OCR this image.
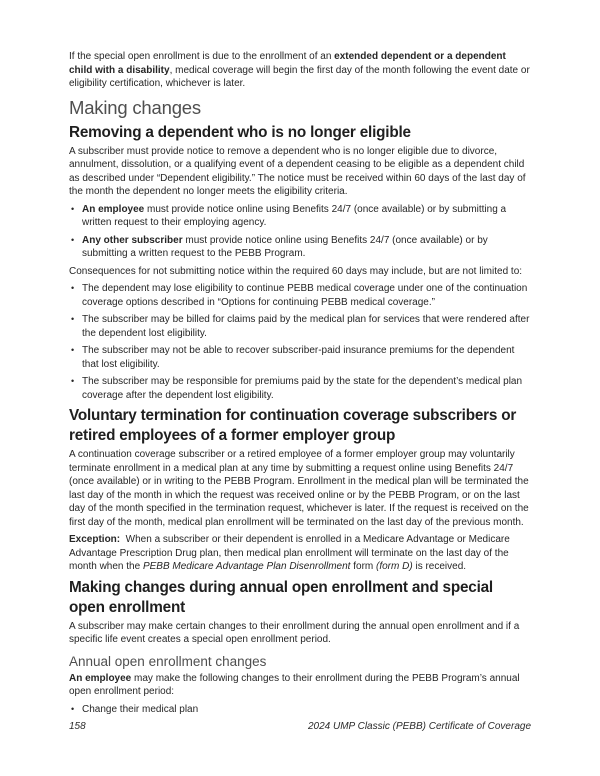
If the special open enrollment is due to the enrollment of an extended dependent or a dependent child with a disability, medical coverage will begin the first day of the month following the event date or eligibility certification, whichever is later.

Making changes
Removing a dependent who is no longer eligible

A subscriber must provide notice to remove a dependent who is no longer eligible due to divorce, annulment, dissolution, or a qualifying event of a dependent ceasing to be eligible as a dependent child as described under “Dependent eligibility.” The notice must be received within 60 days of the last day of the month the dependent no longer meets the eligibility criteria.

• An employee must provide notice online using Benefits 24/7 (once available) or by submitting a written request to their employing agency.
• Any other subscriber must provide notice online using Benefits 24/7 (once available) or by submitting a written request to the PEBB Program.

Consequences for not submitting notice within the required 60 days may include, but are not limited to:

• The dependent may lose eligibility to continue PEBB medical coverage under one of the continuation coverage options described in “Options for continuing PEBB medical coverage.”
• The subscriber may be billed for claims paid by the medical plan for services that were rendered after the dependent lost eligibility.
• The subscriber may not be able to recover subscriber-paid insurance premiums for the dependent that lost eligibility.
• The subscriber may be responsible for premiums paid by the state for the dependent’s medical plan coverage after the dependent lost eligibility.
Voluntary termination for continuation coverage subscribers or retired employees of a former employer group

A continuation coverage subscriber or a retired employee of a former employer group may voluntarily terminate enrollment in a medical plan at any time by submitting a request online using Benefits 24/7 (once available) or in writing to the PEBB Program. Enrollment in the medical plan will be terminated the last day of the month in which the request was received online or by the PEBB Program, or on the last day of the month specified in the termination request, whichever is later. If the request is received on the first day of the month, medical plan enrollment will be terminated on the last day of the previous month.

Exception:  When a subscriber or their dependent is enrolled in a Medicare Advantage or Medicare Advantage Prescription Drug plan, then medical plan enrollment will terminate on the last day of the month when the PEBB Medicare Advantage Plan Disenrollment form (form D) is received.

Making changes during annual open enrollment and special open enrollment

A subscriber may make certain changes to their enrollment during the annual open enrollment and if a specific life event creates a special open enrollment period.

Annual open enrollment changes

An employee may make the following changes to their enrollment during the PEBB Program’s annual open enrollment period:

• Change their medical plan
158	2024 UMP Classic (PEBB) Certificate of Coverage
